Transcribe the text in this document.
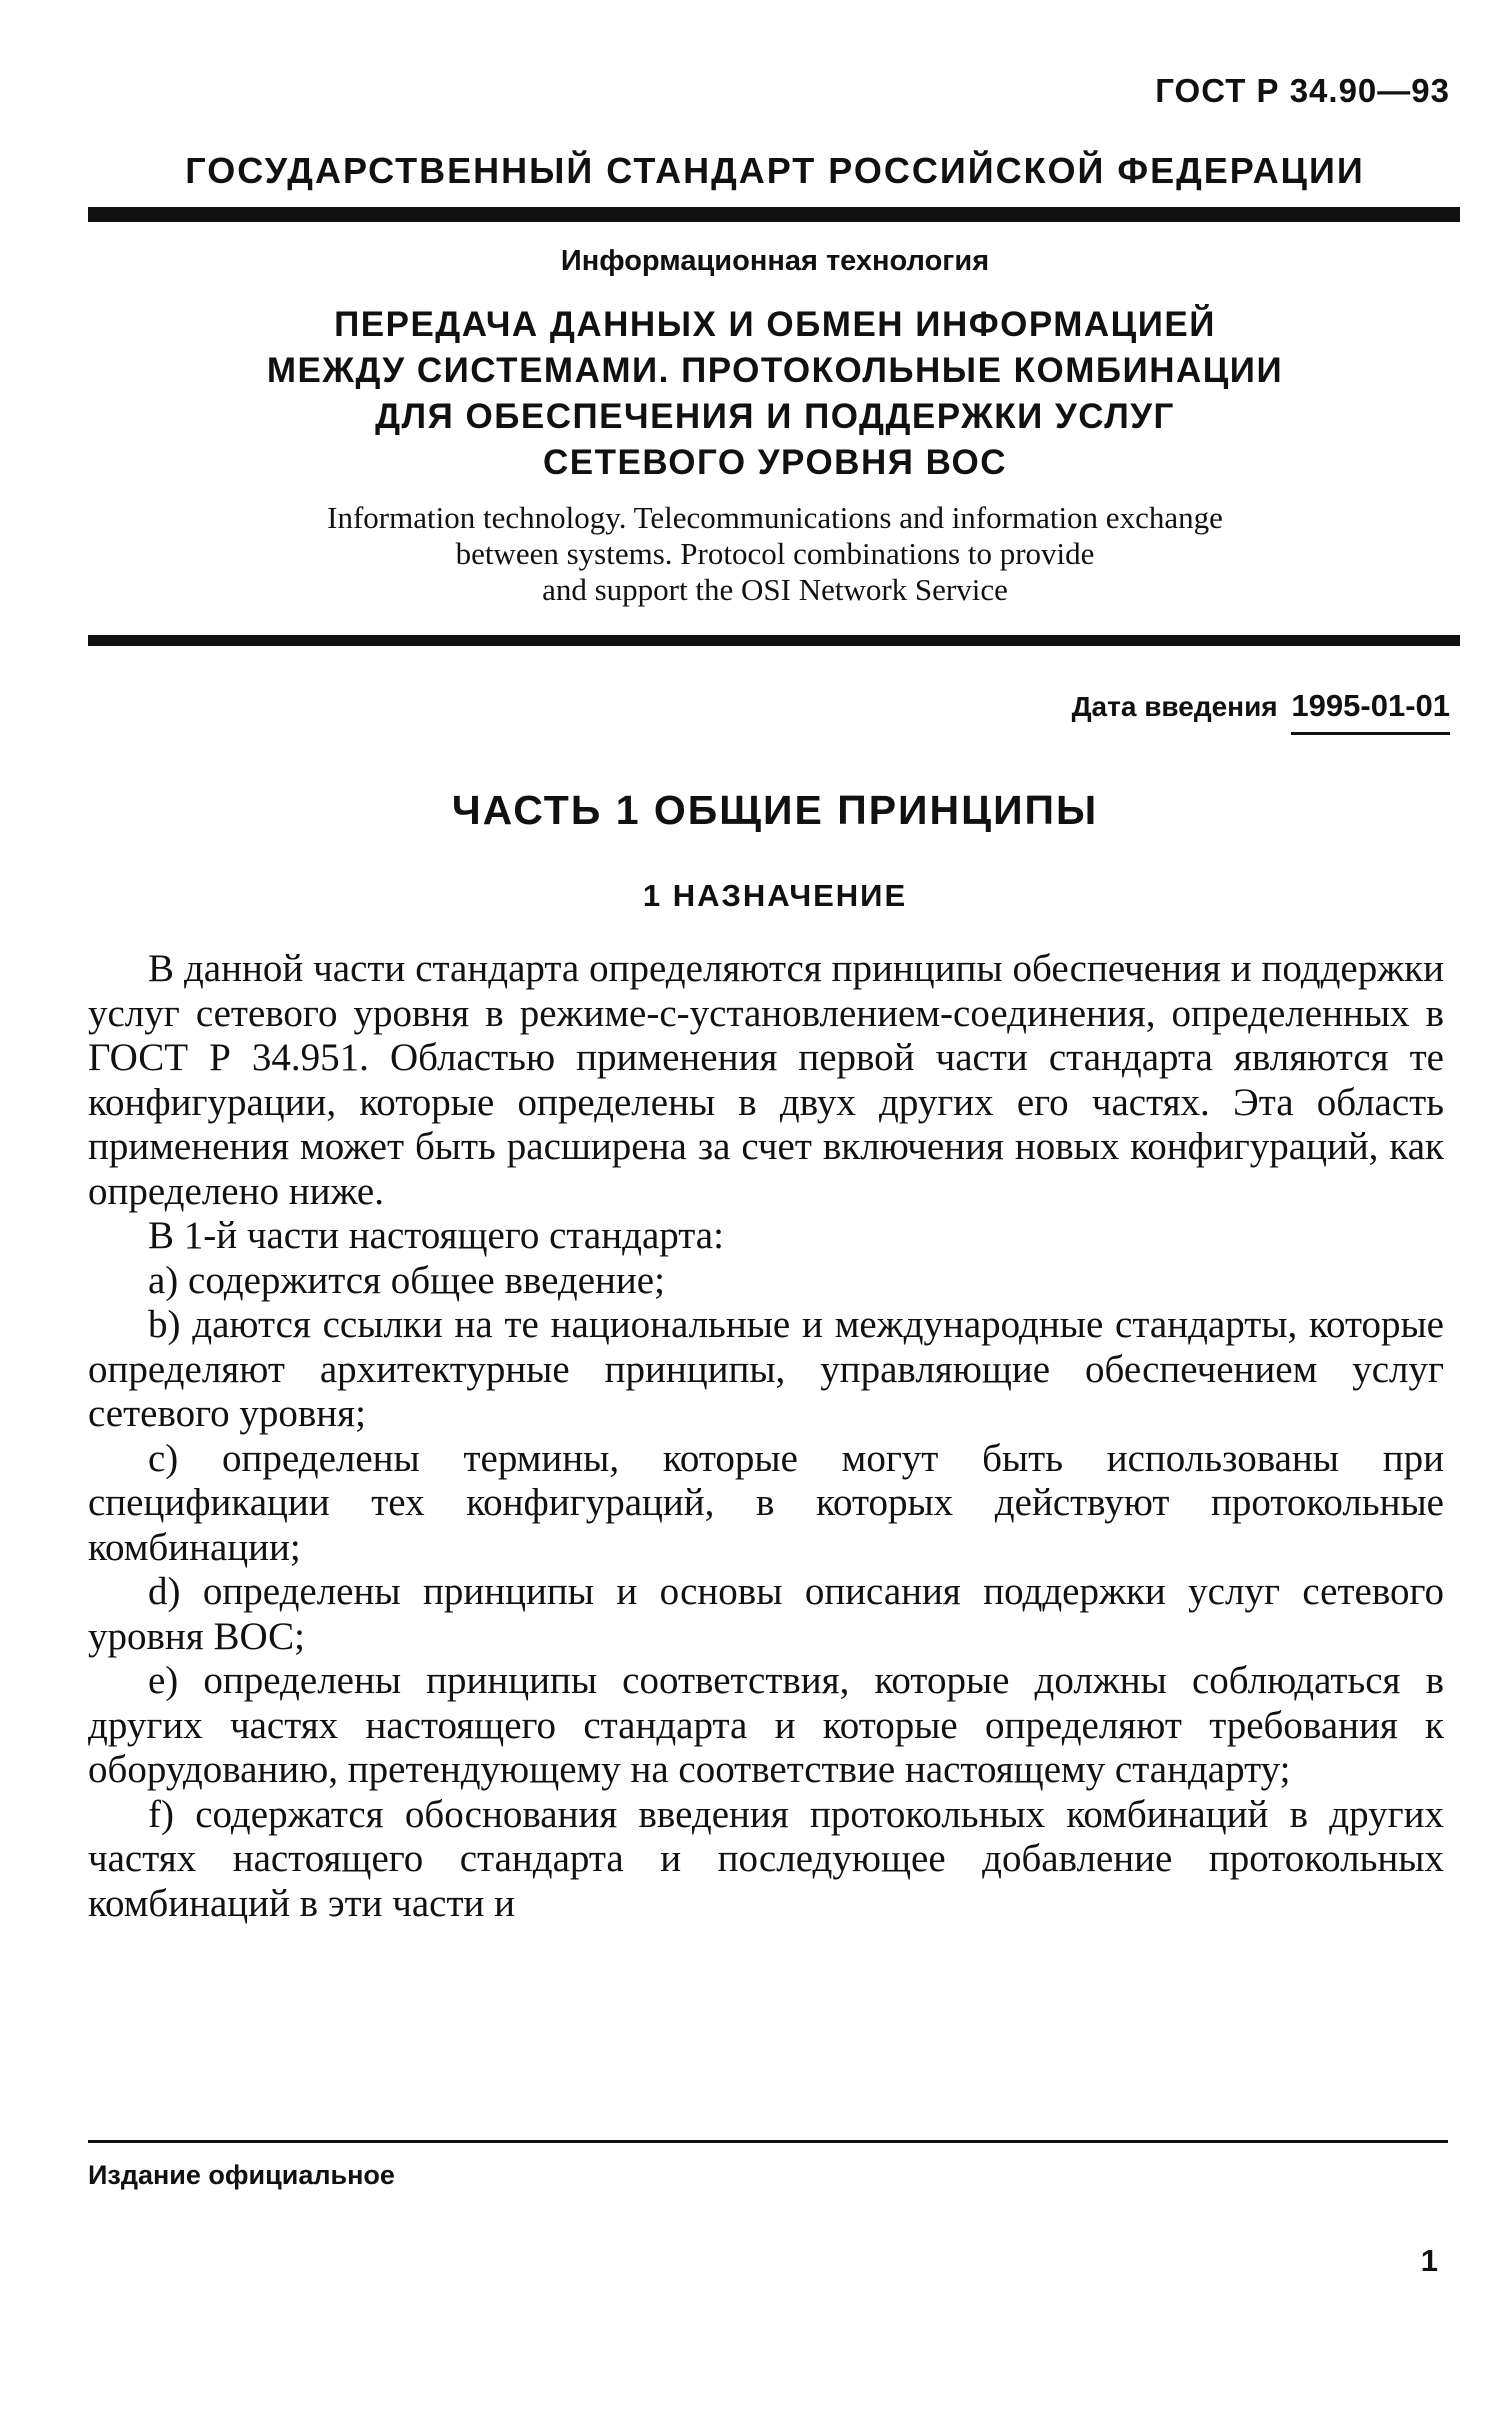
ГОСТ Р 34.90—93
ГОСУДАРСТВЕННЫЙ СТАНДАРТ РОССИЙСКОЙ ФЕДЕРАЦИИ
Информационная технология
ПЕРЕДАЧА ДАННЫХ И ОБМЕН ИНФОРМАЦИЕЙ
МЕЖДУ СИСТЕМАМИ. ПРОТОКОЛЬНЫЕ КОМБИНАЦИИ
ДЛЯ ОБЕСПЕЧЕНИЯ И ПОДДЕРЖКИ УСЛУГ
СЕТЕВОГО УРОВНЯ ВОС
Information technology. Telecommunications and information exchange
between systems. Protocol combinations to provide
and support the OSI Network Service
Дата введения 1995-01-01
ЧАСТЬ 1 ОБЩИЕ ПРИНЦИПЫ
1 НАЗНАЧЕНИЕ

В данной части стандарта определяются принципы обеспечения и поддержки услуг сетевого уровня в режиме-с-установлением-соединения, определенных в ГОСТ Р 34.951. Областью применения первой части стандарта являются те конфигурации, которые определены в двух других его частях. Эта область применения может быть расширена за счет включения новых конфигураций, как определено ниже.

В 1-й части настоящего стандарта:

a) содержится общее введение;

b) даются ссылки на те национальные и международные стандарты, которые определяют архитектурные принципы, управляющие обеспечением услуг сетевого уровня;

c) определены термины, которые могут быть использованы при спецификации тех конфигураций, в которых действуют протокольные комбинации;

d) определены принципы и основы описания поддержки услуг сетевого уровня ВОС;

e) определены принципы соответствия, которые должны соблюдаться в других частях настоящего стандарта и которые определяют требования к оборудованию, претендующему на соответствие настоящему стандарту;

f) содержатся обоснования введения протокольных комбинаций в других частях настоящего стандарта и последующее добавление протокольных комбинаций в эти части и

Издание официальное
1
